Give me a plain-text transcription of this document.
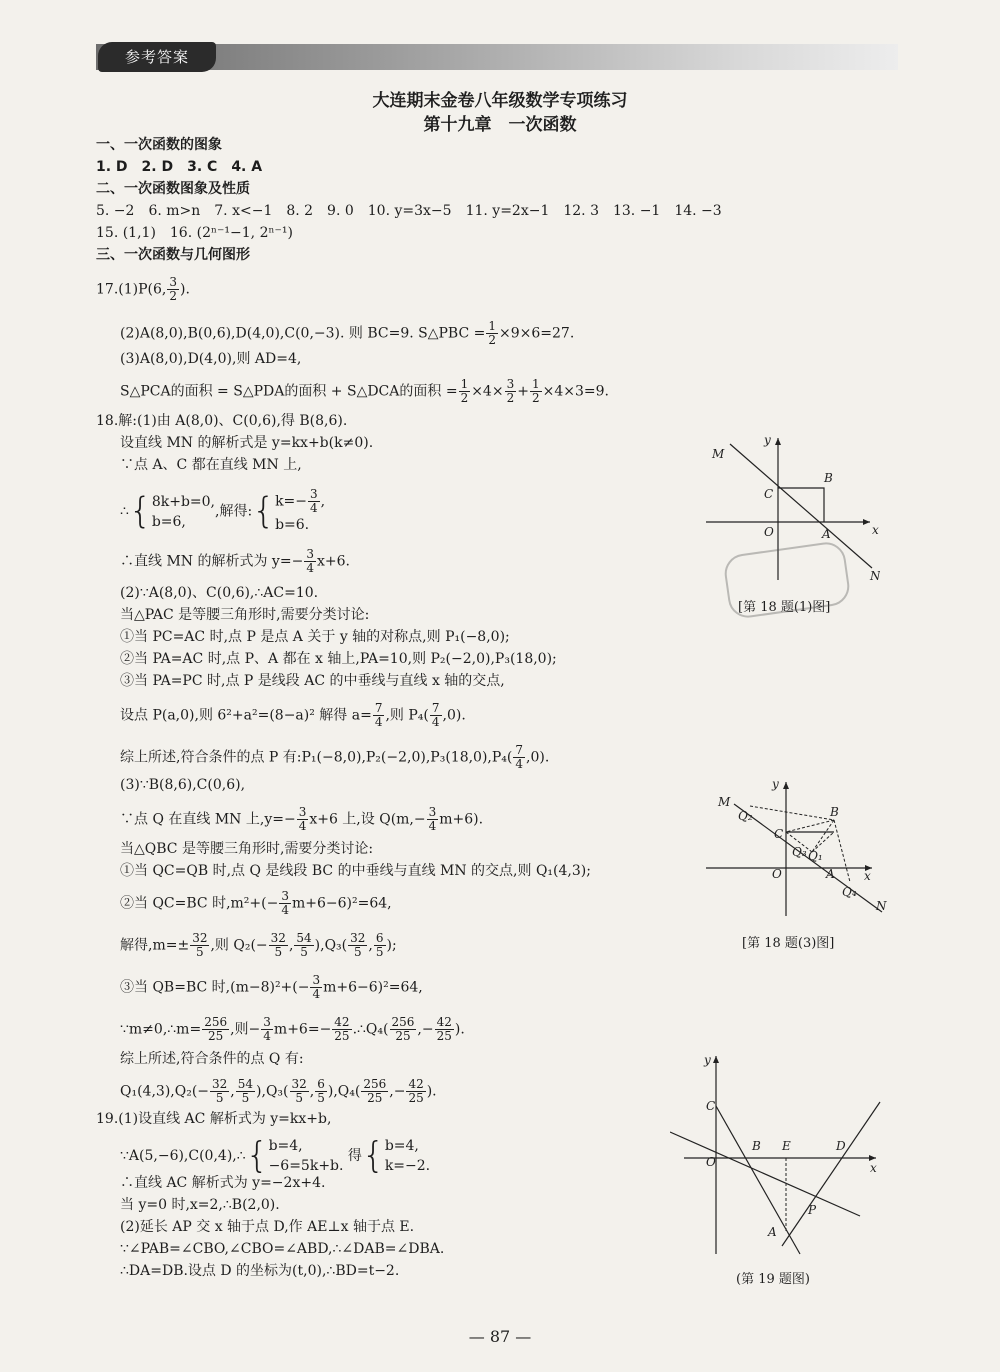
参考答案
大连期末金卷八年级数学专项练习
第十九章　一次函数
一、一次函数的图象
1. D　2. D　3. C　4. A
二、一次函数图象及性质
5. −2　6. m>n　7. x<−1　8. 2　9. 0　10. y=3x−5　11. y=2x−1　12. 3　13. −1　14. −3
15. (1,1)　16. (2ⁿ⁻¹−1, 2ⁿ⁻¹)
三、一次函数与几何图形
17.(1)P(6, $\frac{3}{2}$ ).
(2)A(8,0),B(0,6),D(4,0),C(0,−3). 则 BC=9. S△PBC = $\frac{1}{2} \times 9\times 6=27$.
(3)A(8,0),D(4,0),则 AD=4,
S△PCA的面积 = S△PDA的面积 + S△DCA的面积 = $\frac{1}{2} \times 4\times \frac{3}{2} + \frac{1}{2} \times 4\times 3=9$.
18.解:(1)由 A(8,0)、C(0,6),得 B(8,6).
设直线 MN 的解析式是 y=kx+b(k≠0).
∵点 A、C 都在直线 MN 上,
∴{8k+b=0,
b=6,,解得:{k=− $\frac{3}{4}$ ,
b=6.
∴直线 MN 的解析式为 $y=- \frac{3}{4} x+6$.
(2)∵A(8,0)、C(0,6),∴AC=10.
当△PAC 是等腰三角形时,需要分类讨论:
①当 PC=AC 时,点 P 是点 A 关于 y 轴的对称点,则 P₁(−8,0);
②当 PA=AC 时,点 P、A 都在 x 轴上,PA=10,则 P₂(−2,0),P₃(18,0);
③当 PA=PC 时,点 P 是线段 AC 的中垂线与直线 x 轴的交点,
设点 P(a,0),则 6²+a²=(8−a)² 解得 $a= \frac{7}{4}$ ,则 $P_4( \frac{7}{4} ,0)$.
综上所述,符合条件的点 P 有:P₁(−8,0),P₂(−2,0),P₃(18,0),P₄( $\frac{7}{4} ,0$).
(3)∵B(8,6),C(0,6),
∵点 Q 在直线 MN 上$,y=- \frac{3}{4} x+6$ 上,设 $Q(m,- \frac{3}{4} m+6)$.
当△QBC 是等腰三角形时,需要分类讨论:
①当 QC=QB 时,点 Q 是线段 BC 的中垂线与直线 MN 的交点,则 Q₁(4,3);
②当 QC=BC 时$,m^2+(- \frac{3}{4} m+6-6)^2=64$,
解得$,m=\pm \frac{32}{5}$ ,则 $Q_2(- \frac{32}{5}$ , $\frac{54}{5} ),Q_3( \frac{32}{5}$ , $\frac{6}{5}$ );
③当 QB=BC 时$,(m-8)^2+(- \frac{3}{4} m+6-6)^2=64$,
∵m≠0,∴m= $\frac{256}{25}$ ,则− $\frac{3}{4} m+6=- \frac{42}{25}$ .∴Q₄( $\frac{256}{25}$ ,− $\frac{42}{25}$ ).
综上所述,符合条件的点 Q 有:
$Q_1(4,3),Q_2(- \frac{32}{5}$ , $\frac{54}{5} ),Q_3( \frac{32}{5}$ , $\frac{6}{5} ),Q_4( \frac{256}{25}$ ,− $\frac{42}{25}$ ).
19.(1)设直线 AC 解析式为 y=kx+b,
∵A(5,−6),C(0,4),∴{b=4,
−6=5k+b. 得{b=4,
k=−2.
∴直线 AC 解析式为 y=−2x+4.
当 y=0 时,x=2,∴B(2,0).
(2)延长 AP 交 x 轴于点 D,作 AE⊥x 轴于点 E.
∵∠PAB=∠CBO,∠CBO=∠ABD,∴∠DAB=∠DBA.
∴DA=DB.设点 D 的坐标为(t,0),∴BD=t−2.
y
x
M
N
B
C
A
O
[第 18 题(1)图]
y
x
M
N
B
C
A
O
Q₂
Q₃ Q₁
Q₄
[第 18 题(3)图]
y
x
C
B E	D
O
P
A
(第 19 题图)
— 87 —
